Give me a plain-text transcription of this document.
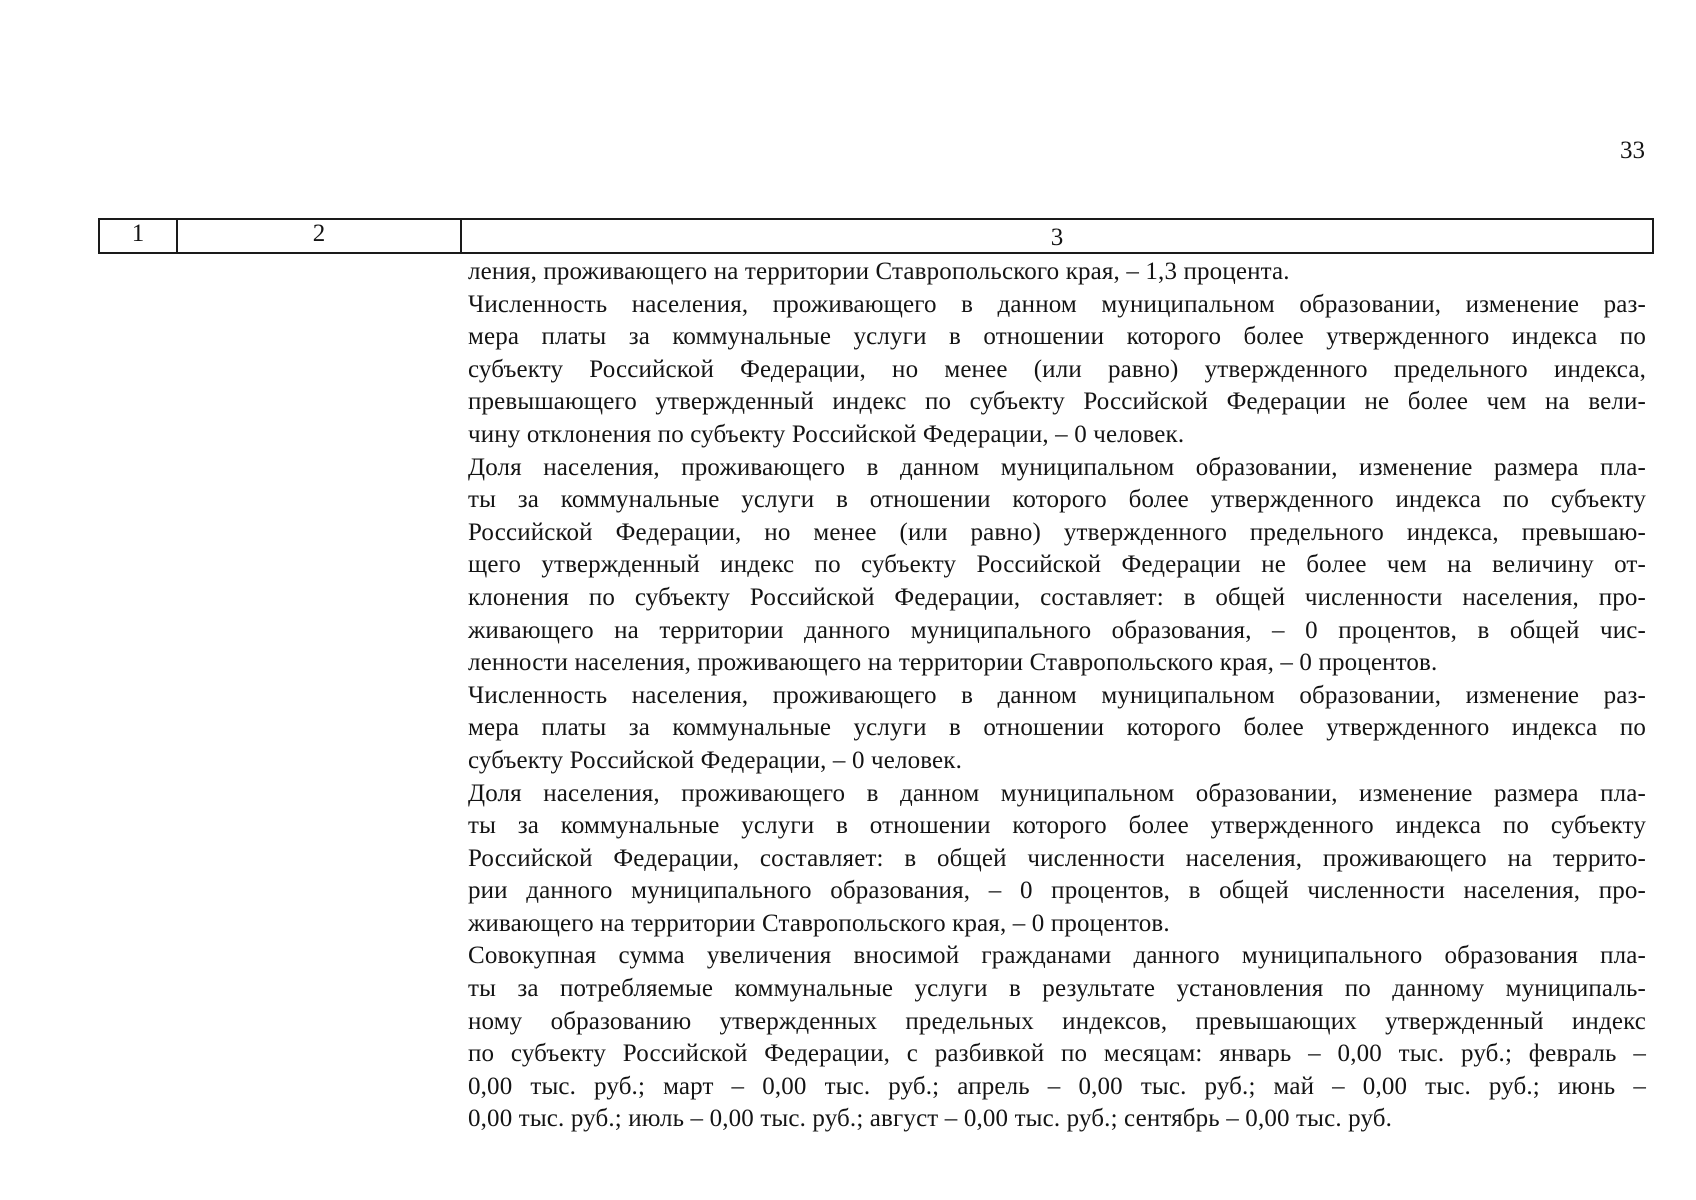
33
1	2	3
ления, проживающего на территории Ставропольского края, – 1,3 процента.
Численность населения, проживающего в данном муниципальном образовании, изменение раз-
мера платы за коммунальные услуги в отношении которого более утвержденного индекса по
субъекту Российской Федерации, но менее (или равно) утвержденного предельного индекса,
превышающего утвержденный индекс по субъекту Российской Федерации не более чем на вели-
чину отклонения по субъекту Российской Федерации, – 0 человек.
Доля населения, проживающего в данном муниципальном образовании, изменение размера пла-
ты за коммунальные услуги в отношении которого более утвержденного индекса по субъекту
Российской Федерации, но менее (или равно) утвержденного предельного индекса, превышаю-
щего утвержденный индекс по субъекту Российской Федерации не более чем на величину от-
клонения по субъекту Российской Федерации, составляет: в общей численности населения, про-
живающего на территории данного муниципального образования, – 0 процентов, в общей чис-
ленности населения, проживающего на территории Ставропольского края, – 0 процентов.
Численность населения, проживающего в данном муниципальном образовании, изменение раз-
мера платы за коммунальные услуги в отношении которого более утвержденного индекса по
субъекту Российской Федерации, – 0 человек.
Доля населения, проживающего в данном муниципальном образовании, изменение размера пла-
ты за коммунальные услуги в отношении которого более утвержденного индекса по субъекту
Российской Федерации, составляет: в общей численности населения, проживающего на террито-
рии данного муниципального образования, – 0 процентов, в общей численности населения, про-
живающего на территории Ставропольского края, – 0 процентов.
Совокупная сумма увеличения вносимой гражданами данного муниципального образования пла-
ты за потребляемые коммунальные услуги в результате установления по данному муниципаль-
ному образованию утвержденных предельных индексов, превышающих утвержденный индекс
по субъекту Российской Федерации, с разбивкой по месяцам: январь – 0,00 тыс. руб.; февраль –
0,00 тыс. руб.; март – 0,00 тыс. руб.; апрель – 0,00 тыс. руб.; май – 0,00 тыс. руб.; июнь –
0,00 тыс. руб.; июль – 0,00 тыс. руб.; август – 0,00 тыс. руб.; сентябрь – 0,00 тыс. руб.
